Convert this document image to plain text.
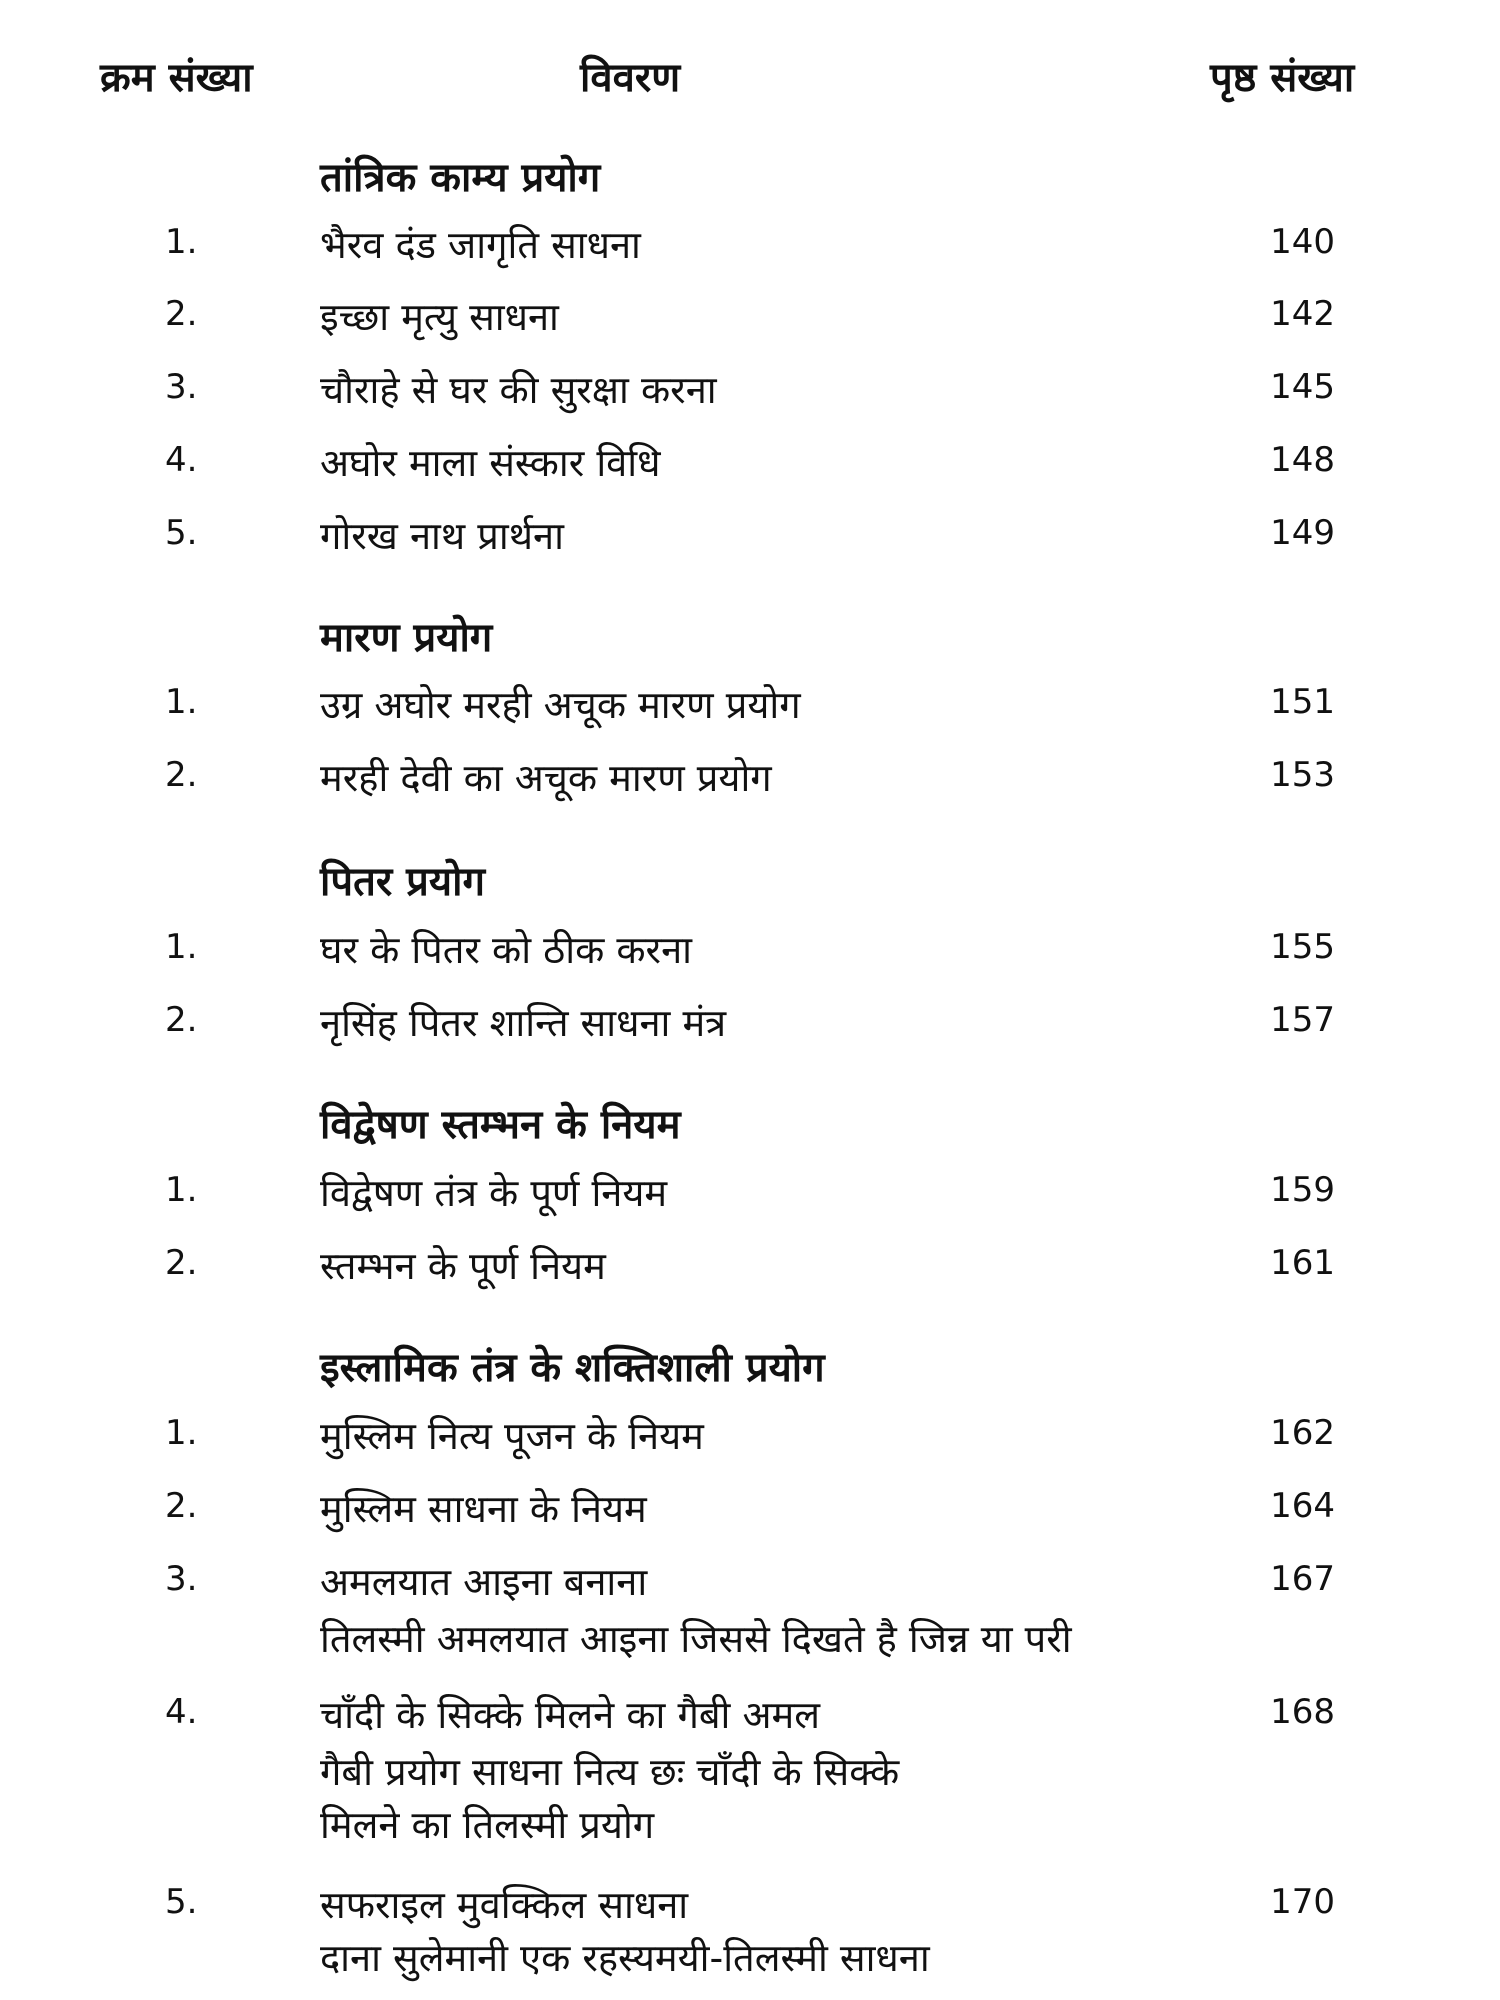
क्रम संख्या	विवरण	पृष्ठ संख्या
तांत्रिक काम्य प्रयोग
1.	भैरव दंड जागृति साधना	140
2.	इच्छा मृत्यु साधना	142
3.	चौराहे से घर की सुरक्षा करना	145
4.	अघोर माला संस्कार विधि	148
5.	गोरख नाथ प्रार्थना	149
मारण प्रयोग
1.	उग्र अघोर मरही अचूक मारण प्रयोग	151
2.	मरही देवी का अचूक मारण प्रयोग	153
पितर प्रयोग
1.	घर के पितर को ठीक करना	155
2.	नृसिंह पितर शान्ति साधना मंत्र	157
विद्वेषण स्तम्भन के नियम
1.	विद्वेषण तंत्र के पूर्ण नियम	159
2.	स्तम्भन के पूर्ण नियम	161
इस्लामिक तंत्र के शक्तिशाली प्रयोग
1.	मुस्लिम नित्य पूजन के नियम	162
2.	मुस्लिम साधना के नियम	164
3.	अमलयात आइना बनाना	167
तिलस्मी अमलयात आइना जिससे दिखते है जिन्न या परी
4.	चाँदी के सिक्के मिलने का गैबी अमल	168
गैबी प्रयोग साधना नित्य छः चाँदी के सिक्के
मिलने का तिलस्मी प्रयोग
5.	सफराइल मुवक्किल साधना	170
दाना सुलेमानी एक रहस्यमयी-तिलस्मी साधना
